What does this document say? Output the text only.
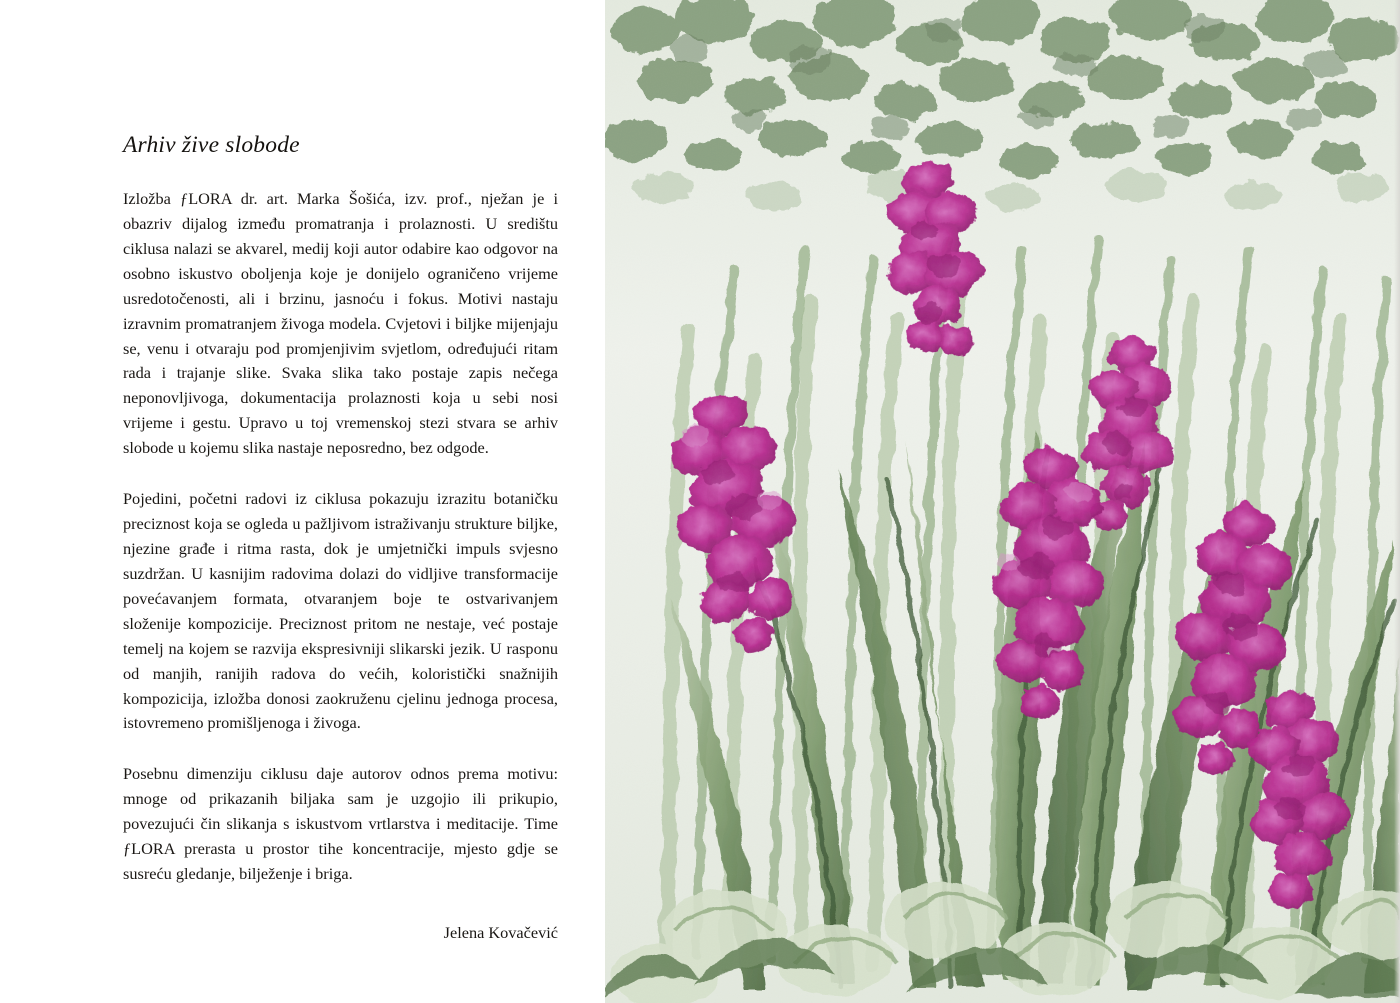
Arhiv žive slobode

Izložba ƒLORA dr. art. Marka Šošića, izv. prof., nježan je i obazriv dijalog između promatranja i prolaznosti. U središtu ciklusa nalazi se akvarel, medij koji autor odabire kao odgovor na osobno iskustvo oboljenja koje je donijelo ograničeno vrijeme usredotočenosti, ali i brzinu, jasnoću i fokus. Motivi nastaju izravnim promatranjem živoga modela. Cvjetovi i biljke mijenjaju se, venu i otvaraju pod promjenjivim svjetlom, određujući ritam rada i trajanje slike. Svaka slika tako postaje zapis nečega neponovljivoga, dokumentacija prolaznosti koja u sebi nosi vrijeme i gestu. Upravo u toj vremenskoj stezi stvara se arhiv slobode u kojemu slika nastaje neposredno, bez odgode.

Pojedini, početni radovi iz ciklusa pokazuju izrazitu botaničku preciznost koja se ogleda u pažljivom istraživanju strukture biljke, njezine građe i ritma rasta, dok je umjetnički impuls svjesno suzdržan. U kasnijim radovima dolazi do vidljive transformacije povećavanjem formata, otvaranjem boje te ostvarivanjem složenije kompozicije. Preciznost pritom ne nestaje, već postaje temelj na kojem se razvija ekspresivniji slikarski jezik. U rasponu od manjih, ranijih radova do većih, koloristički snažnijih kompozicija, izložba donosi zaokruženu cjelinu jednoga procesa, istovremeno promišljenoga i živoga.

Posebnu dimenziju ciklusu daje autorov odnos prema motivu: mnoge od prikazanih biljaka sam je uzgojio ili prikupio, povezujući čin slikanja s iskustvom vrtlarstva i meditacije. Time ƒLORA prerasta u prostor tihe koncentracije, mjesto gdje se susreću gledanje, bilježenje i briga.

Jelena Kovačević
